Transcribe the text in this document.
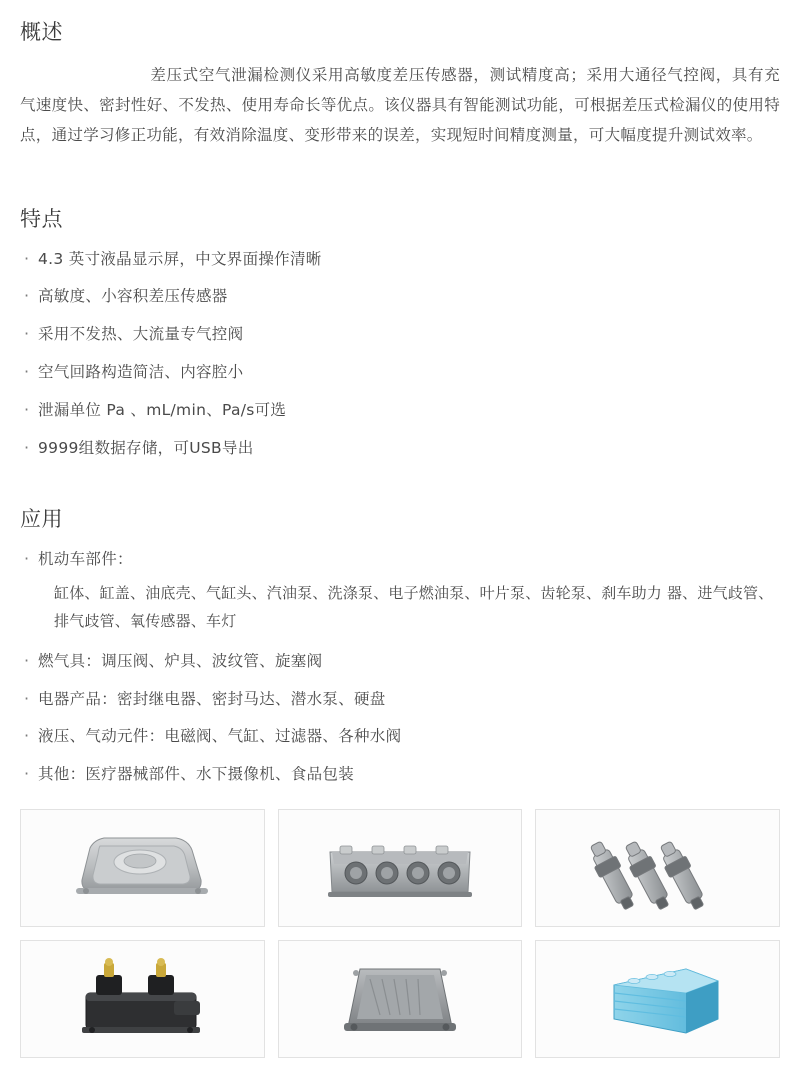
概述

差压式空气泄漏检测仪采用高敏度差压传感器，测试精度高；采用大通径气控阀，具有充气速度快、密封性好、不发热、使用寿命长等优点。该仪器具有智能测试功能，可根据差压式检漏仪的使用特点，通过学习修正功能，有效消除温度、变形带来的误差，实现短时间精度测量，可大幅度提升测试效率。

特点
· 4.3 英寸液晶显示屏，中文界面操作清晰
· 高敏度、小容积差压传感器
· 采用不发热、大流量专气控阀
· 空气回路构造简洁、内容腔小
· 泄漏单位 Pa 、mL/min、Pa/s可选
· 9999组数据存储，可USB导出
应用
· 机动车部件：
缸体、缸盖、油底壳、气缸头、汽油泵、洗涤泵、电子燃油泵、叶片泵、齿轮泵、刹车助力 器、进气歧管、排气歧管、氧传感器、车灯
· 燃气具：调压阀、炉具、波纹管、旋塞阀
· 电器产品：密封继电器、密封马达、潜水泵、硬盘
· 液压、气动元件：电磁阀、气缸、过滤器、各种水阀
· 其他：医疗器械部件、水下摄像机、食品包装
